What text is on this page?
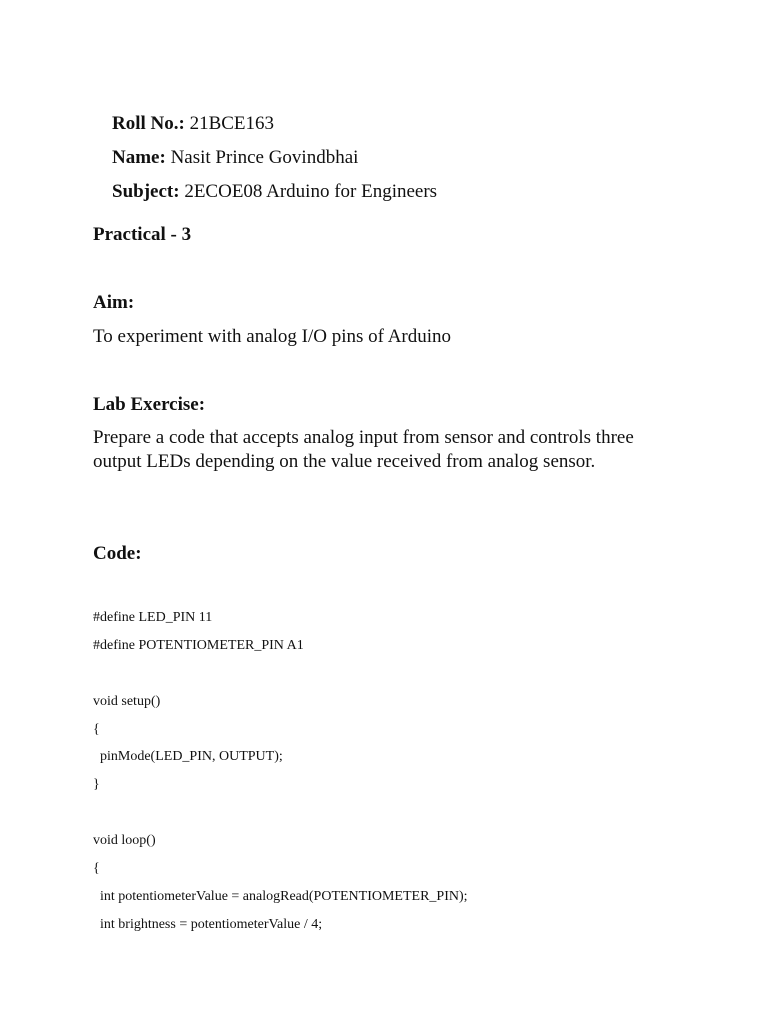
Roll No.: 21BCE163

Name: Nasit Prince Govindbhai

Subject: 2ECOE08 Arduino for Engineers

Practical - 3
Aim:
To experiment with analog I/O pins of Arduino
Lab Exercise:
Prepare a code that accepts analog input from sensor and controls three output LEDs depending on the value received from analog sensor.
Code:
#define LED_PIN 11
#define POTENTIOMETER_PIN A1
void setup()
{
pinMode(LED_PIN, OUTPUT);
}
void loop()
{
int potentiometerValue = analogRead(POTENTIOMETER_PIN);
int brightness = potentiometerValue / 4;
